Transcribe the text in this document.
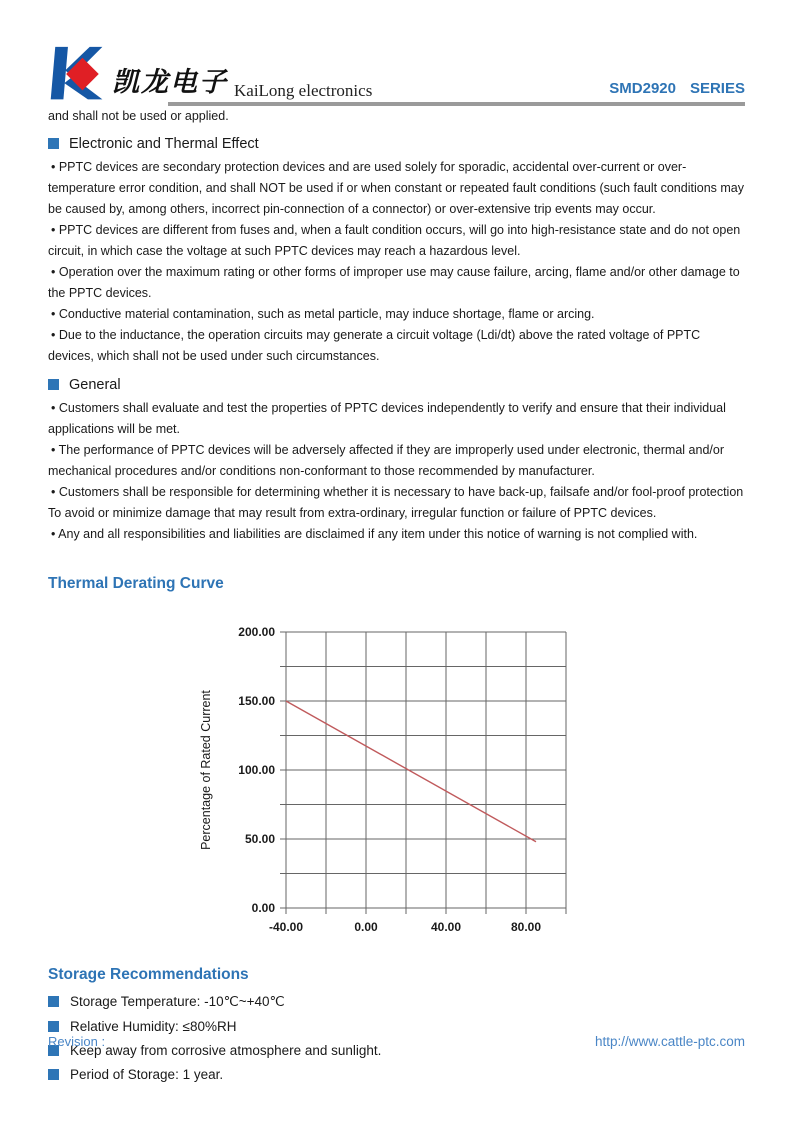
凯龙电子 KaiLong electronics	SMD2920 SERIES

and shall not be used or applied.

Electronic and Thermal Effect

• PPTC devices are secondary protection devices and are used solely for sporadic, accidental over-current or over-temperature error condition, and shall NOT be used if or when constant or repeated fault conditions (such fault conditions may be caused by, among others, incorrect pin-connection of a connector) or over-extensive trip events may occur.

• PPTC devices are different from fuses and, when a fault condition occurs, will go into high-resistance state and do not open circuit, in which case the voltage at such PPTC devices may reach a hazardous level.

• Operation over the maximum rating or other forms of improper use may cause failure, arcing, flame and/or other damage to the PPTC devices.

• Conductive material contamination, such as metal particle, may induce shortage, flame or arcing.

• Due to the inductance, the operation circuits may generate a circuit voltage (Ldi/dt) above the rated voltage of PPTC devices, which shall not be used under such circumstances.

General

• Customers shall evaluate and test the properties of PPTC devices independently to verify and ensure that their individual applications will be met.

• The performance of PPTC devices will be adversely affected if they are improperly used under electronic, thermal and/or mechanical procedures and/or conditions non-conformant to those recommended by manufacturer.

• Customers shall be responsible for determining whether it is necessary to have back-up, failsafe and/or fool-proof protection To avoid or minimize damage that may result from extra-ordinary, irregular function or failure of PPTC devices.

• Any and all responsibilities and liabilities are disclaimed if any item under this notice of warning is not complied with.

Thermal Derating Curve
-40.00	0.00	40.00	80.00
0.00
50.00
100.00
150.00
200.00
Percentage of Rated Current
Storage Recommendations
Storage Temperature: -10℃~+40℃
Relative Humidity: ≤80%RH
Keep away from corrosive atmosphere and sunlight.
Period of Storage: 1 year.
Revision :	http://www.cattle-ptc.com
